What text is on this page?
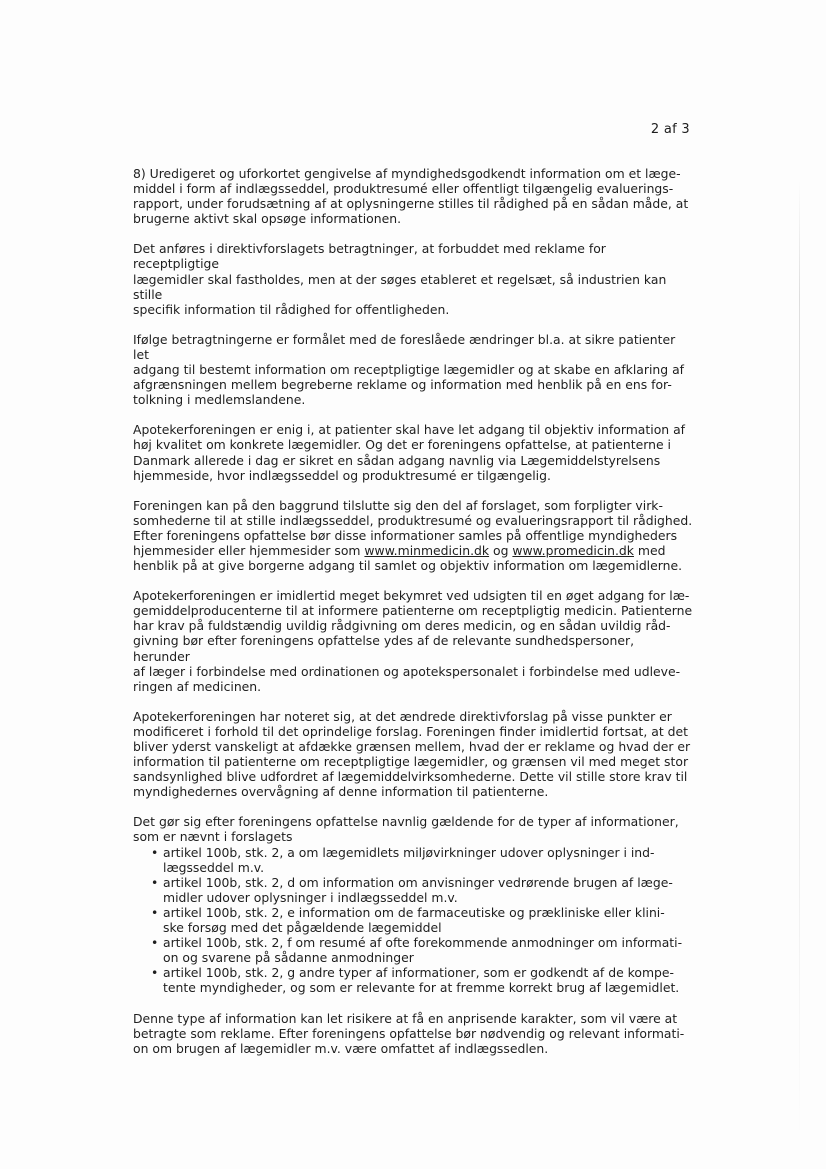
2 af 3

8) Uredigeret og uforkortet gengivelse af myndighedsgodkendt information om et læge-
middel i form af indlægsseddel, produktresumé eller offentligt tilgængelig evaluerings-
rapport, under forudsætning af at oplysningerne stilles til rådighed på en sådan måde, at
brugerne aktivt skal opsøge informationen.

Det anføres i direktivforslagets betragtninger, at forbuddet med reklame for receptpligtige
lægemidler skal fastholdes, men at der søges etableret et regelsæt, så industrien kan stille
specifik information til rådighed for offentligheden.

Ifølge betragtningerne er formålet med de foreslåede ændringer bl.a. at sikre patienter let
adgang til bestemt information om receptpligtige lægemidler og at skabe en afklaring af
afgrænsningen mellem begreberne reklame og information med henblik på en ens for-
tolkning i medlemslandene.

Apotekerforeningen er enig i, at patienter skal have let adgang til objektiv information af
høj kvalitet om konkrete lægemidler. Og det er foreningens opfattelse, at patienterne i
Danmark allerede i dag er sikret en sådan adgang navnlig via Lægemiddelstyrelsens
hjemmeside, hvor indlægsseddel og produktresumé er tilgængelig.

Foreningen kan på den baggrund tilslutte sig den del af forslaget, som forpligter virk-
somhederne til at stille indlægsseddel, produktresumé og evalueringsrapport til rådighed.
Efter foreningens opfattelse bør disse informationer samles på offentlige myndigheders
hjemmesider eller hjemmesider som www.minmedicin.dk og www.promedicin.dk med
henblik på at give borgerne adgang til samlet og objektiv information om lægemidlerne.

Apotekerforeningen er imidlertid meget bekymret ved udsigten til en øget adgang for læ-
gemiddelproducenterne til at informere patienterne om receptpligtig medicin. Patienterne
har krav på fuldstændig uvildig rådgivning om deres medicin, og en sådan uvildig råd-
givning bør efter foreningens opfattelse ydes af de relevante sundhedspersoner, herunder
af læger i forbindelse med ordinationen og apotekspersonalet i forbindelse med udleve-
ringen af medicinen.

Apotekerforeningen har noteret sig, at det ændrede direktivforslag på visse punkter er
modificeret i forhold til det oprindelige forslag. Foreningen finder imidlertid fortsat, at det
bliver yderst vanskeligt at afdække grænsen mellem, hvad der er reklame og hvad der er
information til patienterne om receptpligtige lægemidler, og grænsen vil med meget stor
sandsynlighed blive udfordret af lægemiddelvirksomhederne. Dette vil stille store krav til
myndighedernes overvågning af denne information til patienterne.

Det gør sig efter foreningens opfattelse navnlig gældende for de typer af informationer,
som er nævnt i forslagets

• artikel 100b, stk. 2, a om lægemidlets miljøvirkninger udover oplysninger i ind-
lægsseddel m.v.
• artikel 100b, stk. 2, d om information om anvisninger vedrørende brugen af læge-
midler udover oplysninger i indlægsseddel m.v.
• artikel 100b, stk. 2, e information om de farmaceutiske og prækliniske eller klini-
ske forsøg med det pågældende lægemiddel
• artikel 100b, stk. 2, f om resumé af ofte forekommende anmodninger om informati-
on og svarene på sådanne anmodninger
• artikel 100b, stk. 2, g andre typer af informationer, som er godkendt af de kompe-
tente myndigheder, og som er relevante for at fremme korrekt brug af lægemidlet.

Denne type af information kan let risikere at få en anprisende karakter, som vil være at
betragte som reklame. Efter foreningens opfattelse bør nødvendig og relevant informati-
on om brugen af lægemidler m.v. være omfattet af indlægssedlen.
